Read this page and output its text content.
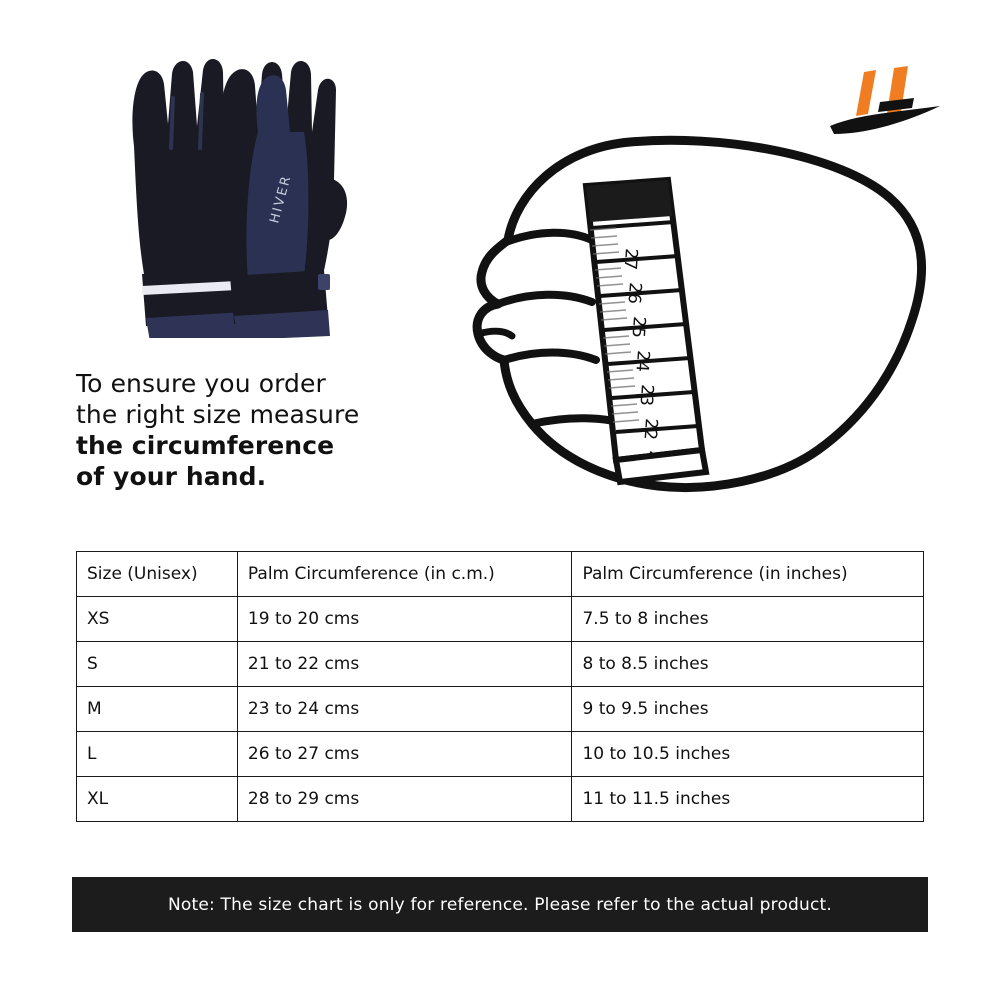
HIVER
To ensure you order
the right size measure
the circumference
of your hand.
Size (Unisex)	Palm Circumference (in c.m.)	Palm Circumference (in inches)
XS	19 to 20 cms	7.5 to 8 inches
S	21 to 22 cms	8 to 8.5 inches
M	23 to 24 cms	9 to 9.5 inches
L	26 to 27 cms	10 to 10.5 inches
XL	28 to 29 cms	11 to 11.5 inches
Note: The size chart is only for reference. Please refer to the actual product.
